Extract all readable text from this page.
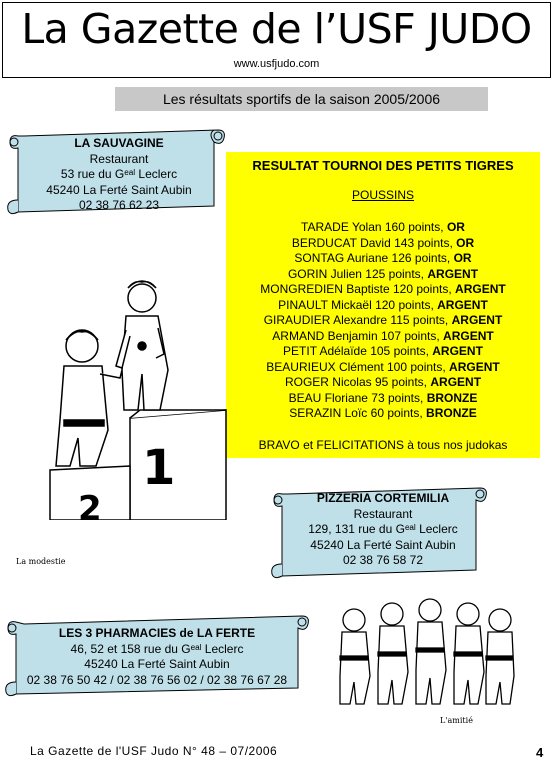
La Gazette de l’USF JUDO
www.usfjudo.com
Les résultats sportifs de la saison 2005/2006
LA SAUVAGINE
Restaurant
53 rue du Gᵉᵃˡ Leclerc
45240 La Ferté Saint Aubin
02 38 76 62 23
RESULTAT TOURNOI DES PETITS TIGRES
POUSSINS
TARADE Yolan 160 points, OR
BERDUCAT David 143 points, OR
SONTAG Auriane 126 points, OR
GORIN Julien 125 points, ARGENT
MONGREDIEN Baptiste 120 points, ARGENT
PINAULT Mickaël 120 points, ARGENT
GIRAUDIER Alexandre 115 points, ARGENT
ARMAND Benjamin 107 points, ARGENT
PETIT Adélaïde 105 points, ARGENT
BEAURIEUX Clément 100 points, ARGENT
ROGER Nicolas 95 points, ARGENT
BEAU Floriane 73 points, BRONZE
SERAZIN Loïc 60 points, BRONZE
BRAVO et FELICITATIONS à tous nos judokas
1
2
La modestie
PIZZERIA CORTEMILIA
Restaurant
129, 131 rue du Gᵉᵃˡ Leclerc
45240 La Ferté Saint Aubin
02 38 76 58 72
LES 3 PHARMACIES de LA FERTE
46, 52 et 158 rue du Gᵉᵃˡ Leclerc
45240 La Ferté Saint Aubin
02 38 76 50 42 / 02 38 76 56 02 / 02 38 76 67 28
L'amitié
La Gazette de l'USF Judo N° 48 – 07/2006	4
